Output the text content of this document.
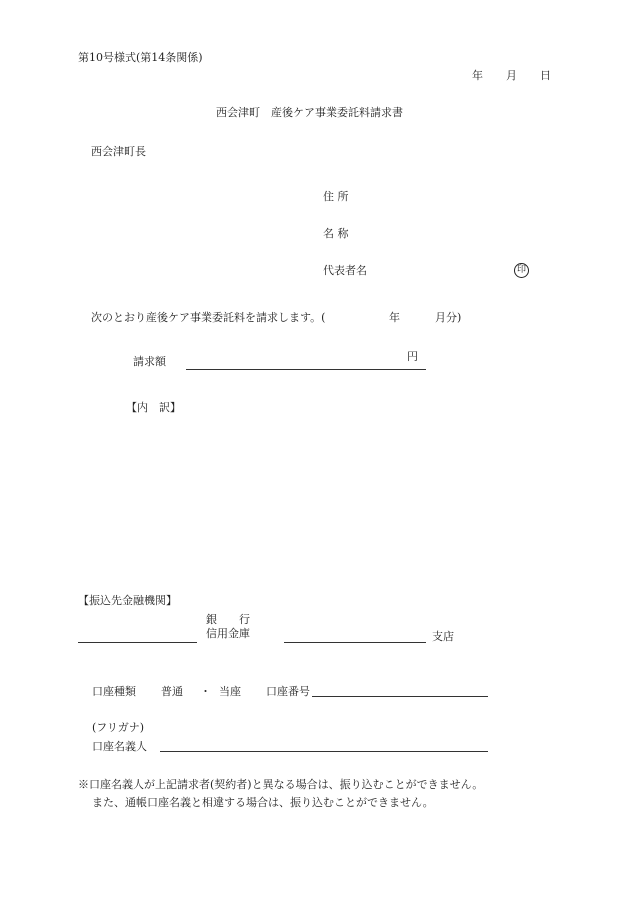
第10号様式(第14条関係)
年 月 日
西会津町　産後ケア事業委託料請求書
西会津町長
住 所
名 称
代表者名	印
次のとおり産後ケア事業委託料を請求します。(	年	月分)
請求額	円
【内　訳】
【振込先金融機関】
銀　　行
信用金庫	支店
口座種類 普通 ・ 当座 口座番号
(フリガナ)
口座名義人
※口座名義人が上記請求者(契約者)と異なる場合は、振り込むことができません。
また、通帳口座名義と相違する場合は、振り込むことができません。
